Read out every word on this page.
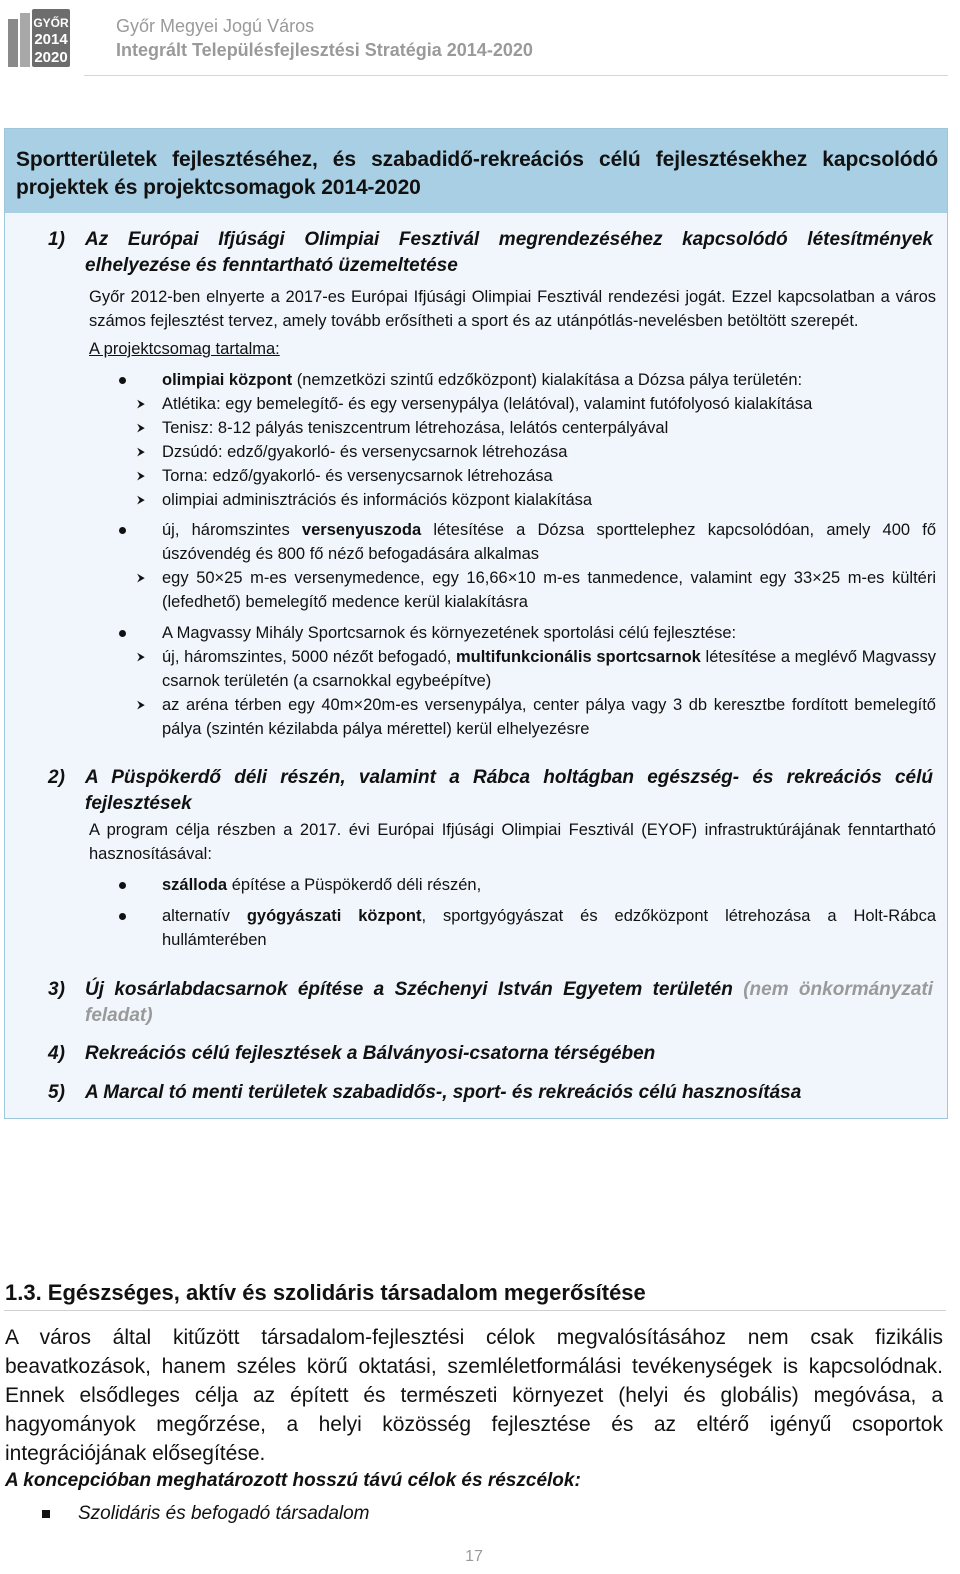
GYŐR
2014
2020
Győr Megyei Jogú Város
Integrált Településfejlesztési Stratégia 2014-2020
Sportterületek fejlesztéséhez, és szabadidő-rekreációs célú fejlesztésekhez kapcsolódó projektek és projektcsomagok 2014-2020
1) Az Európai Ifjúsági Olimpiai Fesztivál megrendezéséhez kapcsolódó létesítmények elhelyezése és fenntartható üzemeltetése
Győr 2012-ben elnyerte a 2017-es Európai Ifjúsági Olimpiai Fesztivál rendezési jogát. Ezzel kapcsolatban a város számos fejlesztést tervez, amely tovább erősítheti a sport és az utánpótlás-nevelésben betöltött szerepét.
A projektcsomag tartalma:
olimpiai központ (nemzetközi szintű edzőközpont) kialakítása a Dózsa pálya területén:
⮞ Atlétika: egy bemelegítő- és egy versenypálya (lelátóval), valamint futófolyosó kialakítása
⮞ Tenisz: 8-12 pályás teniszcentrum létrehozása, lelátós centerpályával
⮞ Dzsúdó: edző/gyakorló- és versenycsarnok létrehozása
⮞ Torna: edző/gyakorló- és versenycsarnok létrehozása
⮞ olimpiai adminisztrációs és információs központ kialakítása
új, háromszintes versenyuszoda létesítése a Dózsa sporttelephez kapcsolódóan, amely 400 fő úszóvendég és 800 fő néző befogadására alkalmas
⮞ egy 50×25 m-es versenymedence, egy 16,66×10 m-es tanmedence, valamint egy 33×25 m-es kültéri (lefedhető) bemelegítő medence kerül kialakításra
A Magvassy Mihály Sportcsarnok és környezetének sportolási célú fejlesztése:
⮞ új, háromszintes, 5000 nézőt befogadó, multifunkcionális sportcsarnok létesítése a meglévő Magvassy csarnok területén (a csarnokkal egybeépítve)
⮞ az aréna térben egy 40m×20m-es versenypálya, center pálya vagy 3 db keresztbe fordított bemelegítő pálya (szintén kézilabda pálya mérettel) kerül elhelyezésre
2) A Püspökerdő déli részén, valamint a Rábca holtágban egészség- és rekreációs célú fejlesztések
A program célja részben a 2017. évi Európai Ifjúsági Olimpiai Fesztivál (EYOF) infrastruktúrájának fenntartható hasznosításával:
szálloda építése a Püspökerdő déli részén,
alternatív gyógyászati központ, sportgyógyászat és edzőközpont létrehozása a Holt-Rábca hullámterében
3) Új kosárlabdacsarnok építése a Széchenyi István Egyetem területén (nem önkormányzati feladat)
4) Rekreációs célú fejlesztések a Bálványosi-csatorna térségében
5) A Marcal tó menti területek szabadidős-, sport- és rekreációs célú hasznosítása
1.3. Egészséges, aktív és szolidáris társadalom megerősítése
A város által kitűzött társadalom-fejlesztési célok megvalósításához nem csak fizikális beavatkozások, hanem széles körű oktatási, szemléletformálási tevékenységek is kapcsolódnak. Ennek elsődleges célja az épített és természeti környezet (helyi és globális) megóvása, a hagyományok megőrzése, a helyi közösség fejlesztése és az eltérő igényű csoportok integrációjának elősegítése.
A koncepcióban meghatározott hosszú távú célok és részcélok:
Szolidáris és befogadó társadalom
17
